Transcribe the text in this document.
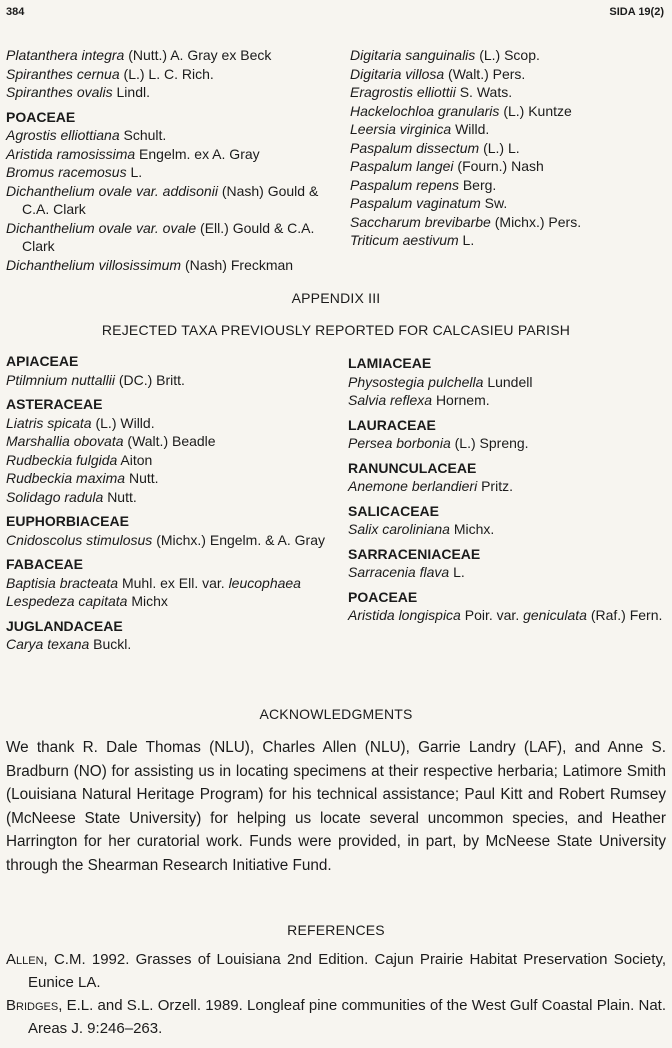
384	SIDA 19(2)
Platanthera integra (Nutt.) A. Gray ex Beck
Spiranthes cernua (L.) L. C. Rich.
Spiranthes ovalis Lindl.
POACEAE
Agrostis elliottiana Schult.
Aristida ramosissima Engelm. ex A. Gray
Bromus racemosus L.
Dichanthelium ovale var. addisonii (Nash) Gould & C.A. Clark
Dichanthelium ovale var. ovale (Ell.) Gould & C.A. Clark
Dichanthelium villosissimum (Nash) Freckman
Digitaria sanguinalis (L.) Scop.
Digitaria villosa (Walt.) Pers.
Eragrostis elliottii S. Wats.
Hackelochloa granularis (L.) Kuntze
Leersia virginica Willd.
Paspalum dissectum (L.) L.
Paspalum langei (Fourn.) Nash
Paspalum repens Berg.
Paspalum vaginatum Sw.
Saccharum brevibarbe (Michx.) Pers.
Triticum aestivum L.
APPENDIX III
REJECTED TAXA PREVIOUSLY REPORTED FOR CALCASIEU PARISH
APIACEAE
Ptilmnium nuttallii (DC.) Britt.
ASTERACEAE
Liatris spicata (L.) Willd.
Marshallia obovata (Walt.) Beadle
Rudbeckia fulgida Aiton
Rudbeckia maxima Nutt.
Solidago radula Nutt.
EUPHORBIACEAE
Cnidoscolus stimulosus (Michx.) Engelm. & A. Gray
FABACEAE
Baptisia bracteata Muhl. ex Ell. var. leucophaea
Lespedeza capitata Michx
JUGLANDACEAE
Carya texana Buckl.
LAMIACEAE
Physostegia pulchella Lundell
Salvia reflexa Hornem.
LAURACEAE
Persea borbonia (L.) Spreng.
RANUNCULACEAE
Anemone berlandieri Pritz.
SALICACEAE
Salix caroliniana Michx.
SARRACENIACEAE
Sarracenia flava L.
POACEAE
Aristida longispica Poir. var. geniculata (Raf.) Fern.
ACKNOWLEDGMENTS
We thank R. Dale Thomas (NLU), Charles Allen (NLU), Garrie Landry (LAF), and Anne S. Bradburn (NO) for assisting us in locating specimens at their respective herbaria; Latimore Smith (Louisiana Natural Heritage Program) for his technical assistance; Paul Kitt and Robert Rumsey (McNeese State University) for helping us locate several uncommon species, and Heather Harrington for her curatorial work. Funds were provided, in part, by McNeese State University through the Shearman Research Initiative Fund.
REFERENCES
Allen, C.M. 1992. Grasses of Louisiana 2nd Edition. Cajun Prairie Habitat Preservation Society, Eunice LA.
Bridges, E.L. and S.L. Orzell. 1989. Longleaf pine communities of the West Gulf Coastal Plain. Nat. Areas J. 9:246–263.
